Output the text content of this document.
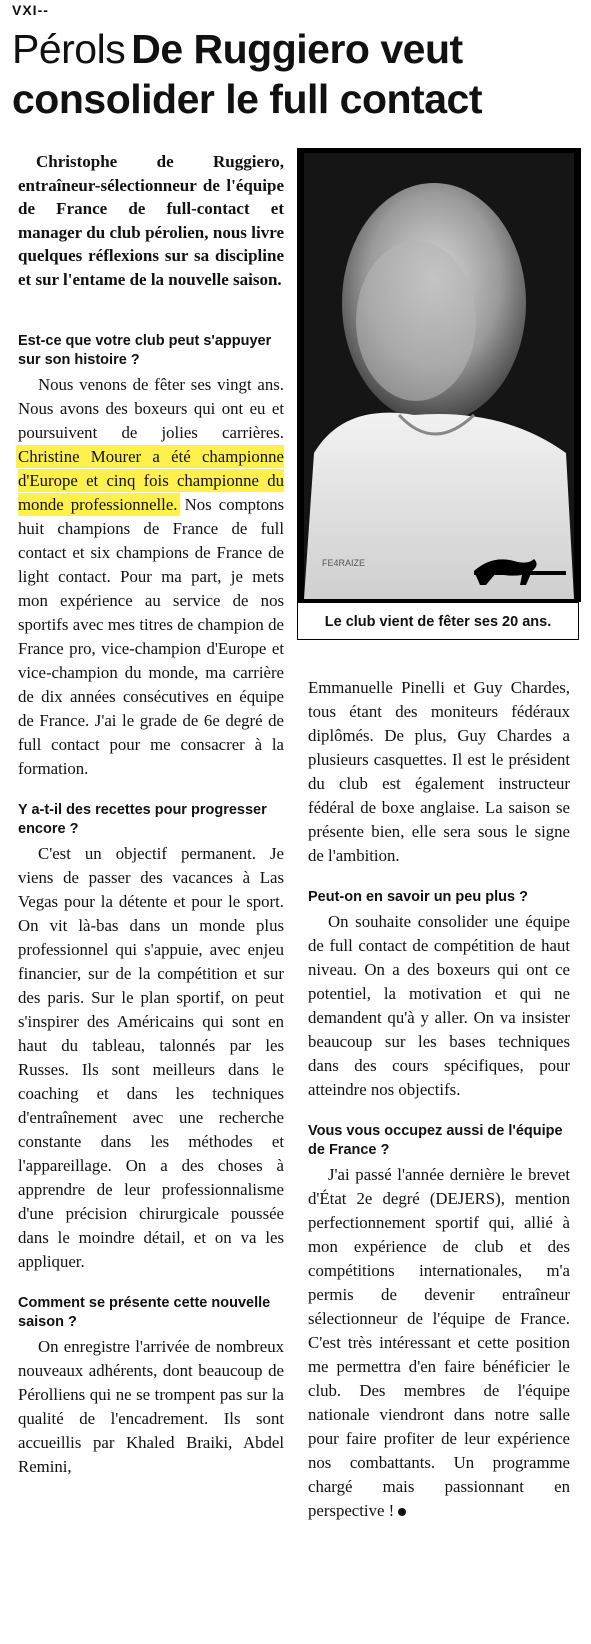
VXI--
Pérols De Ruggiero veut consolider le full contact

Christophe de Ruggiero, entraîneur-sélectionneur de l'équipe de France de full-contact et manager du club pérolien, nous livre quelques réflexions sur sa discipline et sur l'entame de la nouvelle saison.

FE4RAIZE
Le club vient de fêter ses 20 ans.

Est-ce que votre club peut s'appuyer sur son histoire ?

Nous venons de fêter ses vingt ans. Nous avons des boxeurs qui ont eu et poursuivent de jolies carrières. Christine Mourer a été championne d'Europe et cinq fois championne du monde professionnelle. Nos comptons huit champions de France de full contact et six champions de France de light contact. Pour ma part, je mets mon expérience au service de nos sportifs avec mes titres de champion de France pro, vice-champion d'Europe et vice-champion du monde, ma carrière de dix années consécutives en équipe de France. J'ai le grade de 6e degré de full contact pour me consacrer à la formation.

Y a-t-il des recettes pour progresser encore ?

C'est un objectif permanent. Je viens de passer des vacances à Las Vegas pour la détente et pour le sport. On vit là-bas dans un monde plus professionnel qui s'appuie, avec enjeu financier, sur de la compétition et sur des paris. Sur le plan sportif, on peut s'inspirer des Américains qui sont en haut du tableau, talonnés par les Russes. Ils sont meilleurs dans le coaching et dans les techniques d'entraînement avec une recherche constante dans les méthodes et l'appareillage. On a des choses à apprendre de leur professionnalisme d'une précision chirurgicale poussée dans le moindre détail, et on va les appliquer.

Comment se présente cette nouvelle saison ?

On enregistre l'arrivée de nombreux nouveaux adhérents, dont beaucoup de Pérolliens qui ne se trompent pas sur la qualité de l'encadrement. Ils sont accueillis par Khaled Braiki, Abdel Remini,

Emmanuelle Pinelli et Guy Chardes, tous étant des moniteurs fédéraux diplômés. De plus, Guy Chardes a plusieurs casquettes. Il est le président du club est également instructeur fédéral de boxe anglaise. La saison se présente bien, elle sera sous le signe de l'ambition.

Peut-on en savoir un peu plus ?

On souhaite consolider une équipe de full contact de compétition de haut niveau. On a des boxeurs qui ont ce potentiel, la motivation et qui ne demandent qu'à y aller. On va insister beaucoup sur les bases techniques dans des cours spécifiques, pour atteindre nos objectifs.

Vous vous occupez aussi de l'équipe de France ?

J'ai passé l'année dernière le brevet d'État 2e degré (DEJERS), mention perfectionnement sportif qui, allié à mon expérience de club et des compétitions internationales, m'a permis de devenir entraîneur sélectionneur de l'équipe de France. C'est très intéressant et cette position me permettra d'en faire bénéficier le club. Des membres de l'équipe nationale viendront dans notre salle pour faire profiter de leur expérience nos combattants. Un programme chargé mais passionnant en perspective !
